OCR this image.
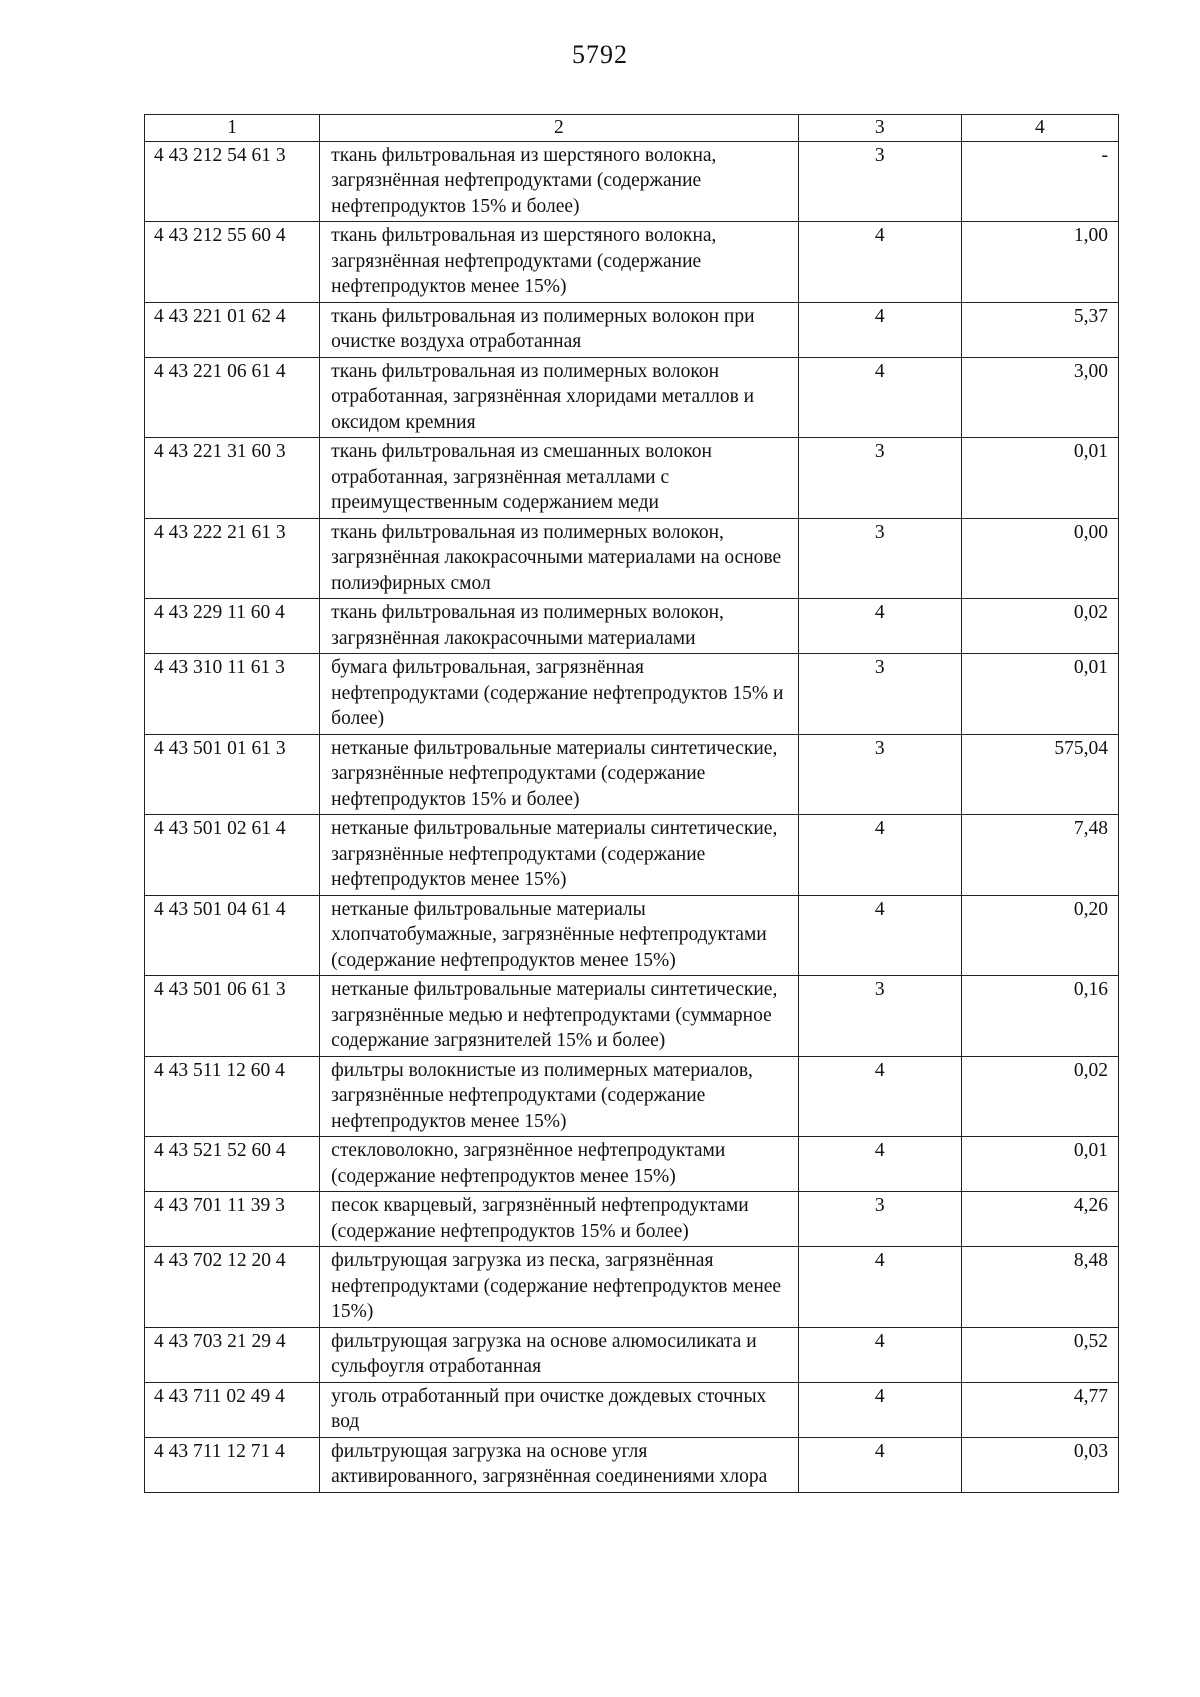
5792
1	2	3	4
4 43 212 54 61 3	ткань фильтровальная из шерстяного волокна, загрязнённая нефтепродуктами (содержание нефтепродуктов 15% и более)	3	-
4 43 212 55 60 4	ткань фильтровальная из шерстяного волокна, загрязнённая нефтепродуктами (содержание нефтепродуктов менее 15%)	4	1,00
4 43 221 01 62 4	ткань фильтровальная из полимерных волокон при очистке воздуха отработанная	4	5,37
4 43 221 06 61 4	ткань фильтровальная из полимерных волокон отработанная, загрязнённая хлоридами металлов и оксидом кремния	4	3,00
4 43 221 31 60 3	ткань фильтровальная из смешанных волокон отработанная, загрязнённая металлами с преимущественным содержанием меди	3	0,01
4 43 222 21 61 3	ткань фильтровальная из полимерных волокон, загрязнённая лакокрасочными материалами на основе полиэфирных смол	3	0,00
4 43 229 11 60 4	ткань фильтровальная из полимерных волокон, загрязнённая лакокрасочными материалами	4	0,02
4 43 310 11 61 3	бумага фильтровальная, загрязнённая нефтепродуктами (содержание нефтепродуктов 15% и более)	3	0,01
4 43 501 01 61 3	нетканые фильтровальные материалы синтетические, загрязнённые нефтепродуктами (содержание нефтепродуктов 15% и более)	3	575,04
4 43 501 02 61 4	нетканые фильтровальные материалы синтетические, загрязнённые нефтепродуктами (содержание нефтепродуктов менее 15%)	4	7,48
4 43 501 04 61 4	нетканые фильтровальные материалы хлопчатобумажные, загрязнённые нефтепродуктами (содержание нефтепродуктов менее 15%)	4	0,20
4 43 501 06 61 3	нетканые фильтровальные материалы синтетические, загрязнённые медью и нефтепродуктами (суммарное содержание загрязнителей 15% и более)	3	0,16
4 43 511 12 60 4	фильтры волокнистые из полимерных материалов, загрязнённые нефтепродуктами (содержание нефтепродуктов менее 15%)	4	0,02
4 43 521 52 60 4	стекловолокно, загрязнённое нефтепродуктами (содержание нефтепродуктов менее 15%)	4	0,01
4 43 701 11 39 3	песок кварцевый, загрязнённый нефтепродуктами (содержание нефтепродуктов 15% и более)	3	4,26
4 43 702 12 20 4	фильтрующая загрузка из песка, загрязнённая нефтепродуктами (содержание нефтепродуктов менее 15%)	4	8,48
4 43 703 21 29 4	фильтрующая загрузка на основе алюмосиликата и сульфоугля отработанная	4	0,52
4 43 711 02 49 4	уголь отработанный при очистке дождевых сточных вод	4	4,77
4 43 711 12 71 4	фильтрующая загрузка на основе угля активированного, загрязнённая соединениями хлора	4	0,03
